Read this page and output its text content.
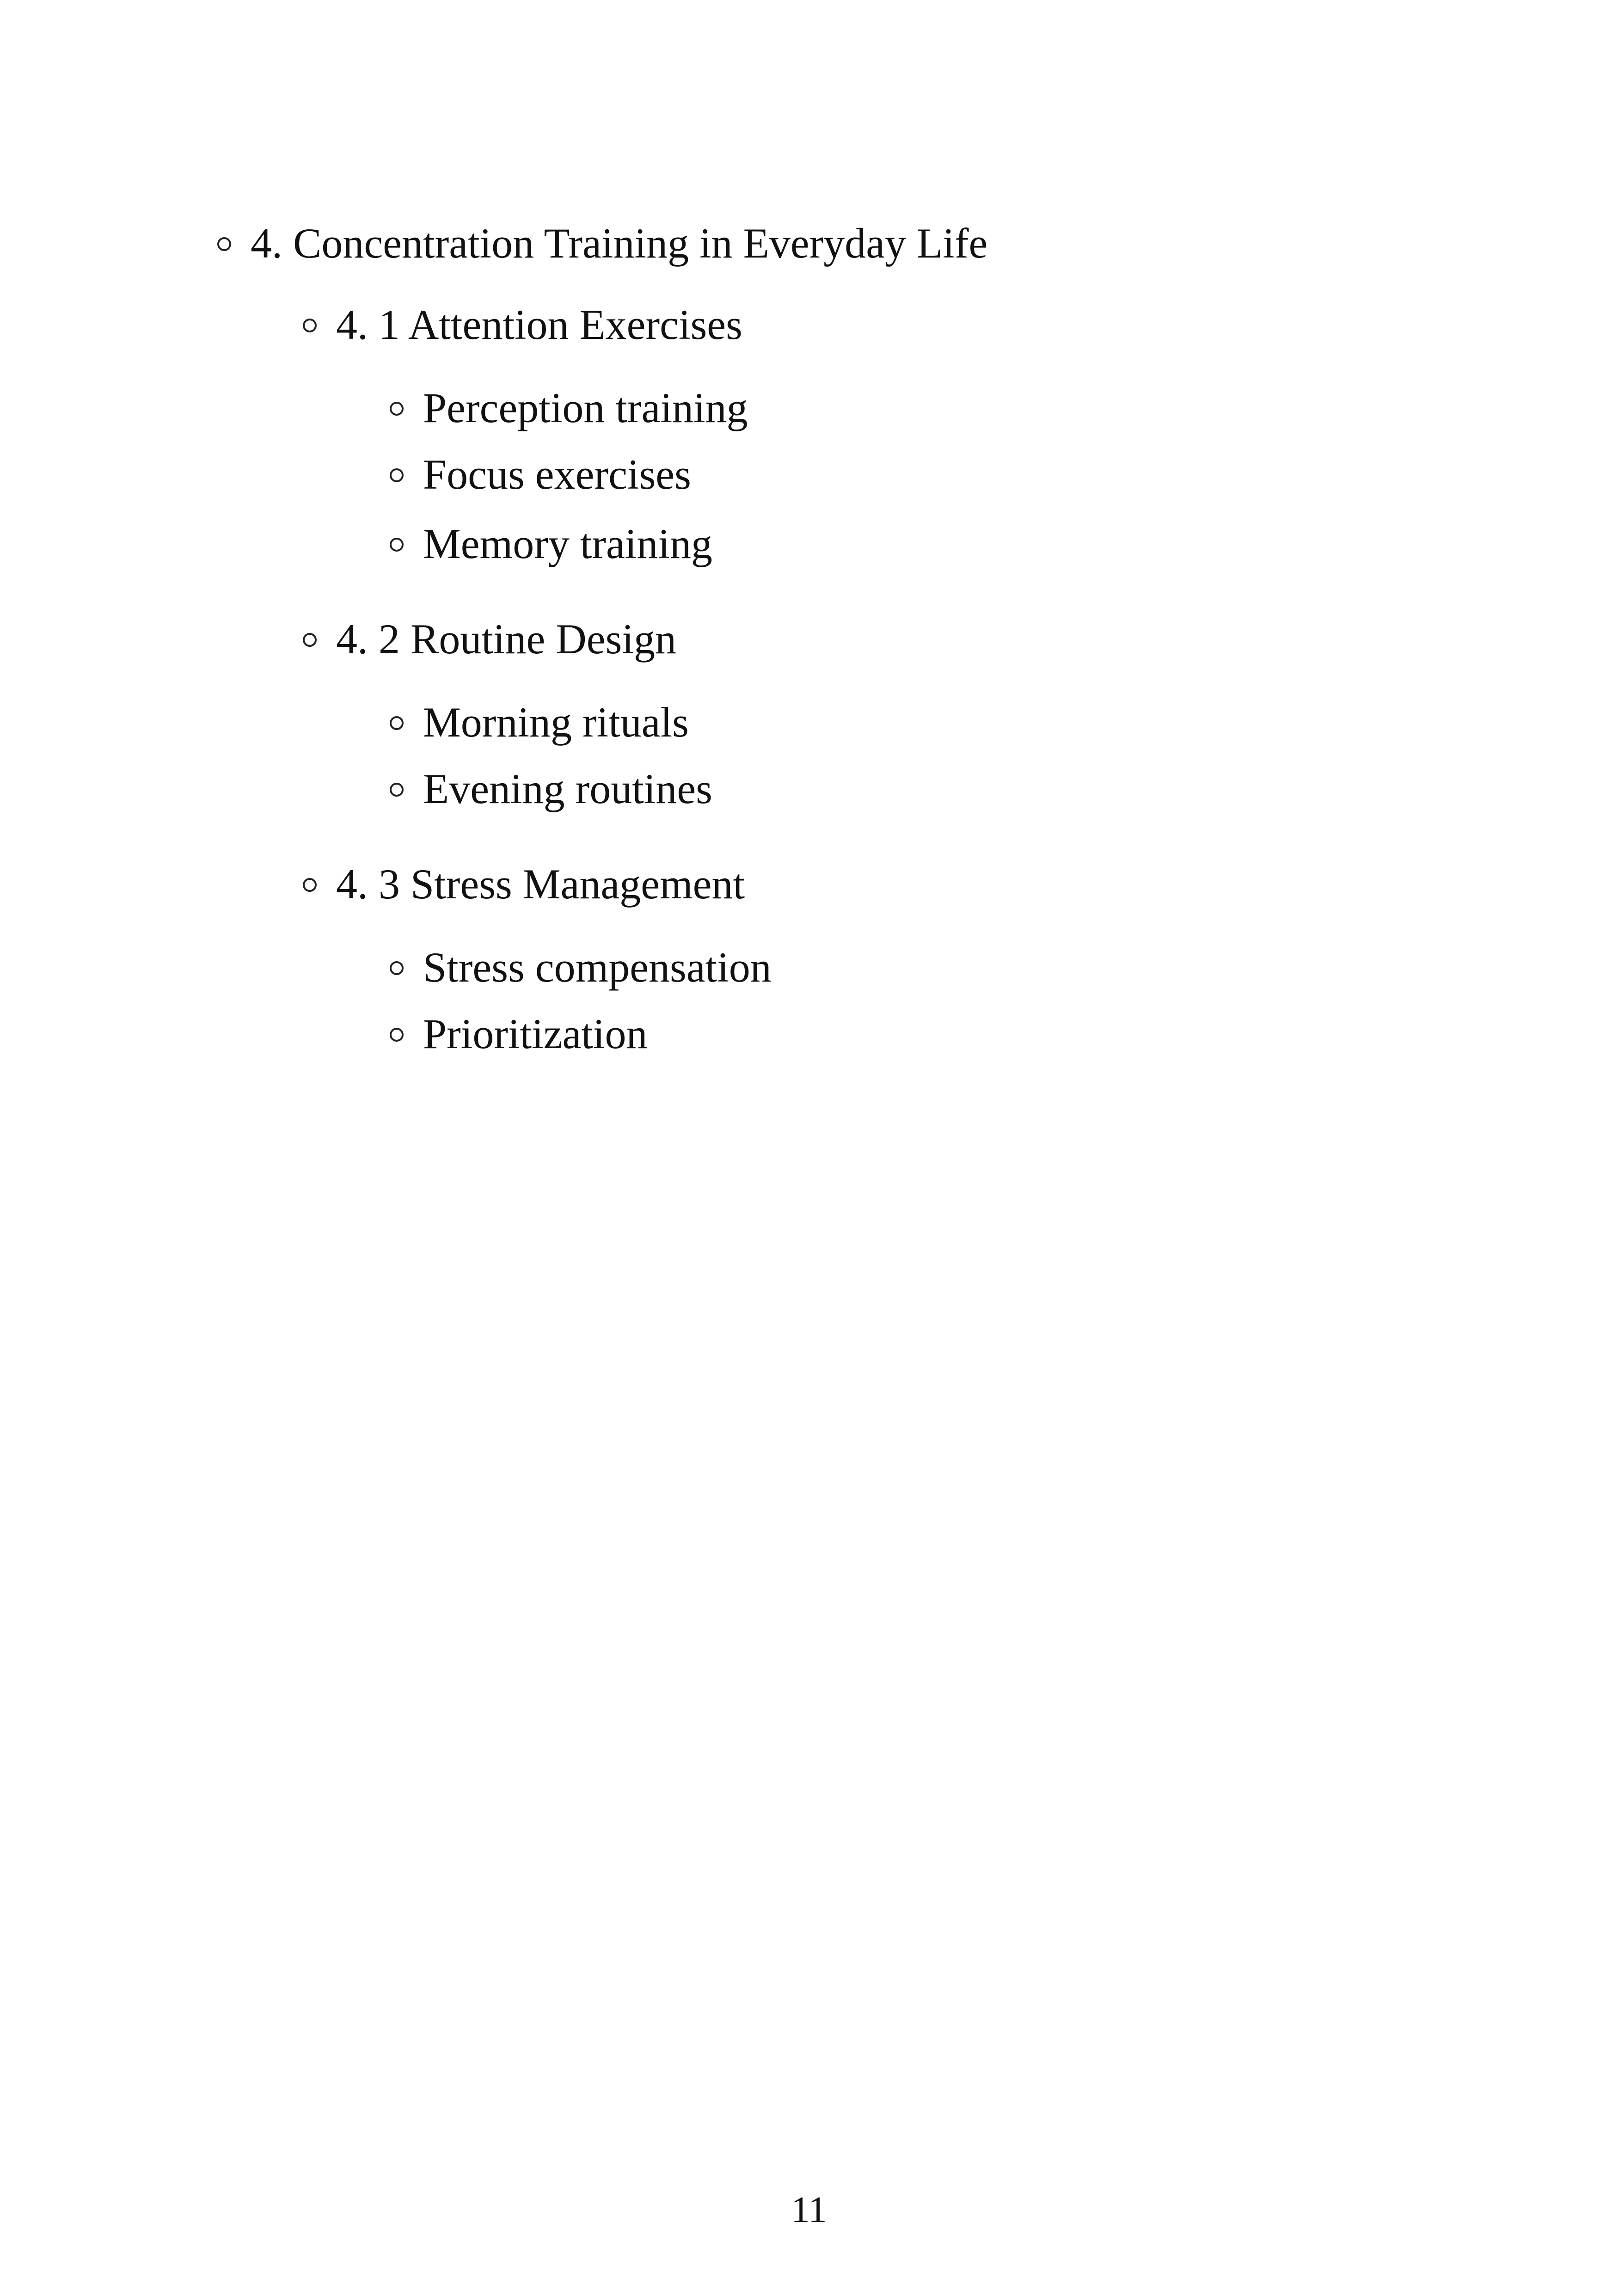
4. Concentration Training in Everyday Life
4. 1 Attention Exercises
Perception training
Focus exercises
Memory training
4. 2 Routine Design
Morning rituals
Evening routines
4. 3 Stress Management
Stress compensation
Prioritization
11
